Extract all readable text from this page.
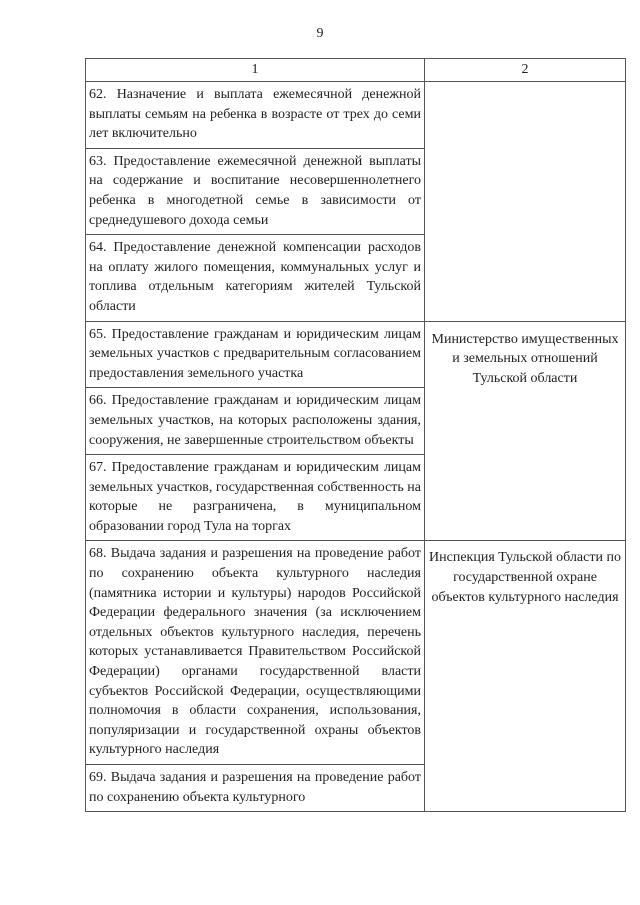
9
1	2

62. Назначение и выплата ежемесячной денежной выплаты семьям на ребенка в возрасте от трех до семи лет включительно	

63. Предоставление ежемесячной денежной выплаты на содержание и воспитание несовершеннолетнего ребенка в многодетной семье в зависимости от среднедушевого дохода семьи	

64. Предоставление денежной компенсации расходов на оплату жилого помещения, коммунальных услуг и топлива отдельным категориям жителей Тульской области	

65. Предоставление гражданам и юридическим лицам земельных участков с предварительным согласованием предоставления земельного участка	Министерство имущественных и земельных отношений Тульской области

66. Предоставление гражданам и юридическим лицам земельных участков, на которых расположены здания, сооружения, не завершенные строительством объекты	

67. Предоставление гражданам и юридическим лицам земельных участков, государственная собственность на которые не разграничена, в муниципальном образовании город Тула на торгах	

68. Выдача задания и разрешения на проведение работ по сохранению объекта культурного наследия (памятника истории и культуры) народов Российской Федерации федерального значения (за исключением отдельных объектов культурного наследия, перечень которых устанавливается Правительством Российской Федерации) органами государственной власти субъектов Российской Федерации, осуществляющими полномочия в области сохранения, использования, популяризации и государственной охраны объектов культурного наследия	Инспекция Тульской области по государственной охране объектов культурного наследия

69. Выдача задания и разрешения на проведение работ по сохранению объекта культурного	
